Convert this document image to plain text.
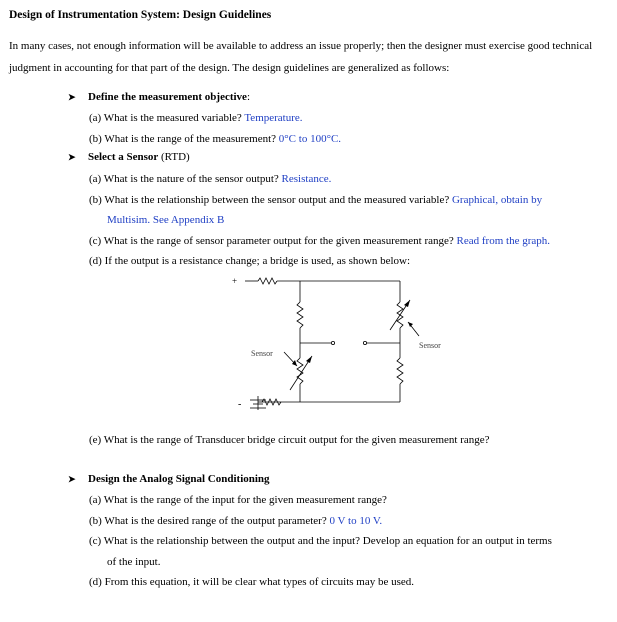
Design of Instrumentation System: Design Guidelines
In many cases, not enough information will be available to address an issue properly; then the designer must exercise good technical judgment in accounting for that part of the design. The design guidelines are generalized as follows:
➤ Define the measurement objective:
(a) What is the measured variable? Temperature.
(b) What is the range of the measurement? 0°C to 100°C.
➤ Select a Sensor (RTD)
(a) What is the nature of the sensor output? Resistance.
(b) What is the relationship between the sensor output and the measured variable? Graphical, obtain by
Multisim. See Appendix B
(c) What is the range of sensor parameter output for the given measurement range? Read from the graph.
(d) If the output is a resistance change; a bridge is used, as shown below:
+
-
Sensor
Sensor
(e) What is the range of Transducer bridge circuit output for the given measurement range?
➤ Design the Analog Signal Conditioning
(a) What is the range of the input for the given measurement range?
(b) What is the desired range of the output parameter? 0 V to 10 V.
(c) What is the relationship between the output and the input? Develop an equation for an output in terms
of the input.
(d) From this equation, it will be clear what types of circuits may be used.
